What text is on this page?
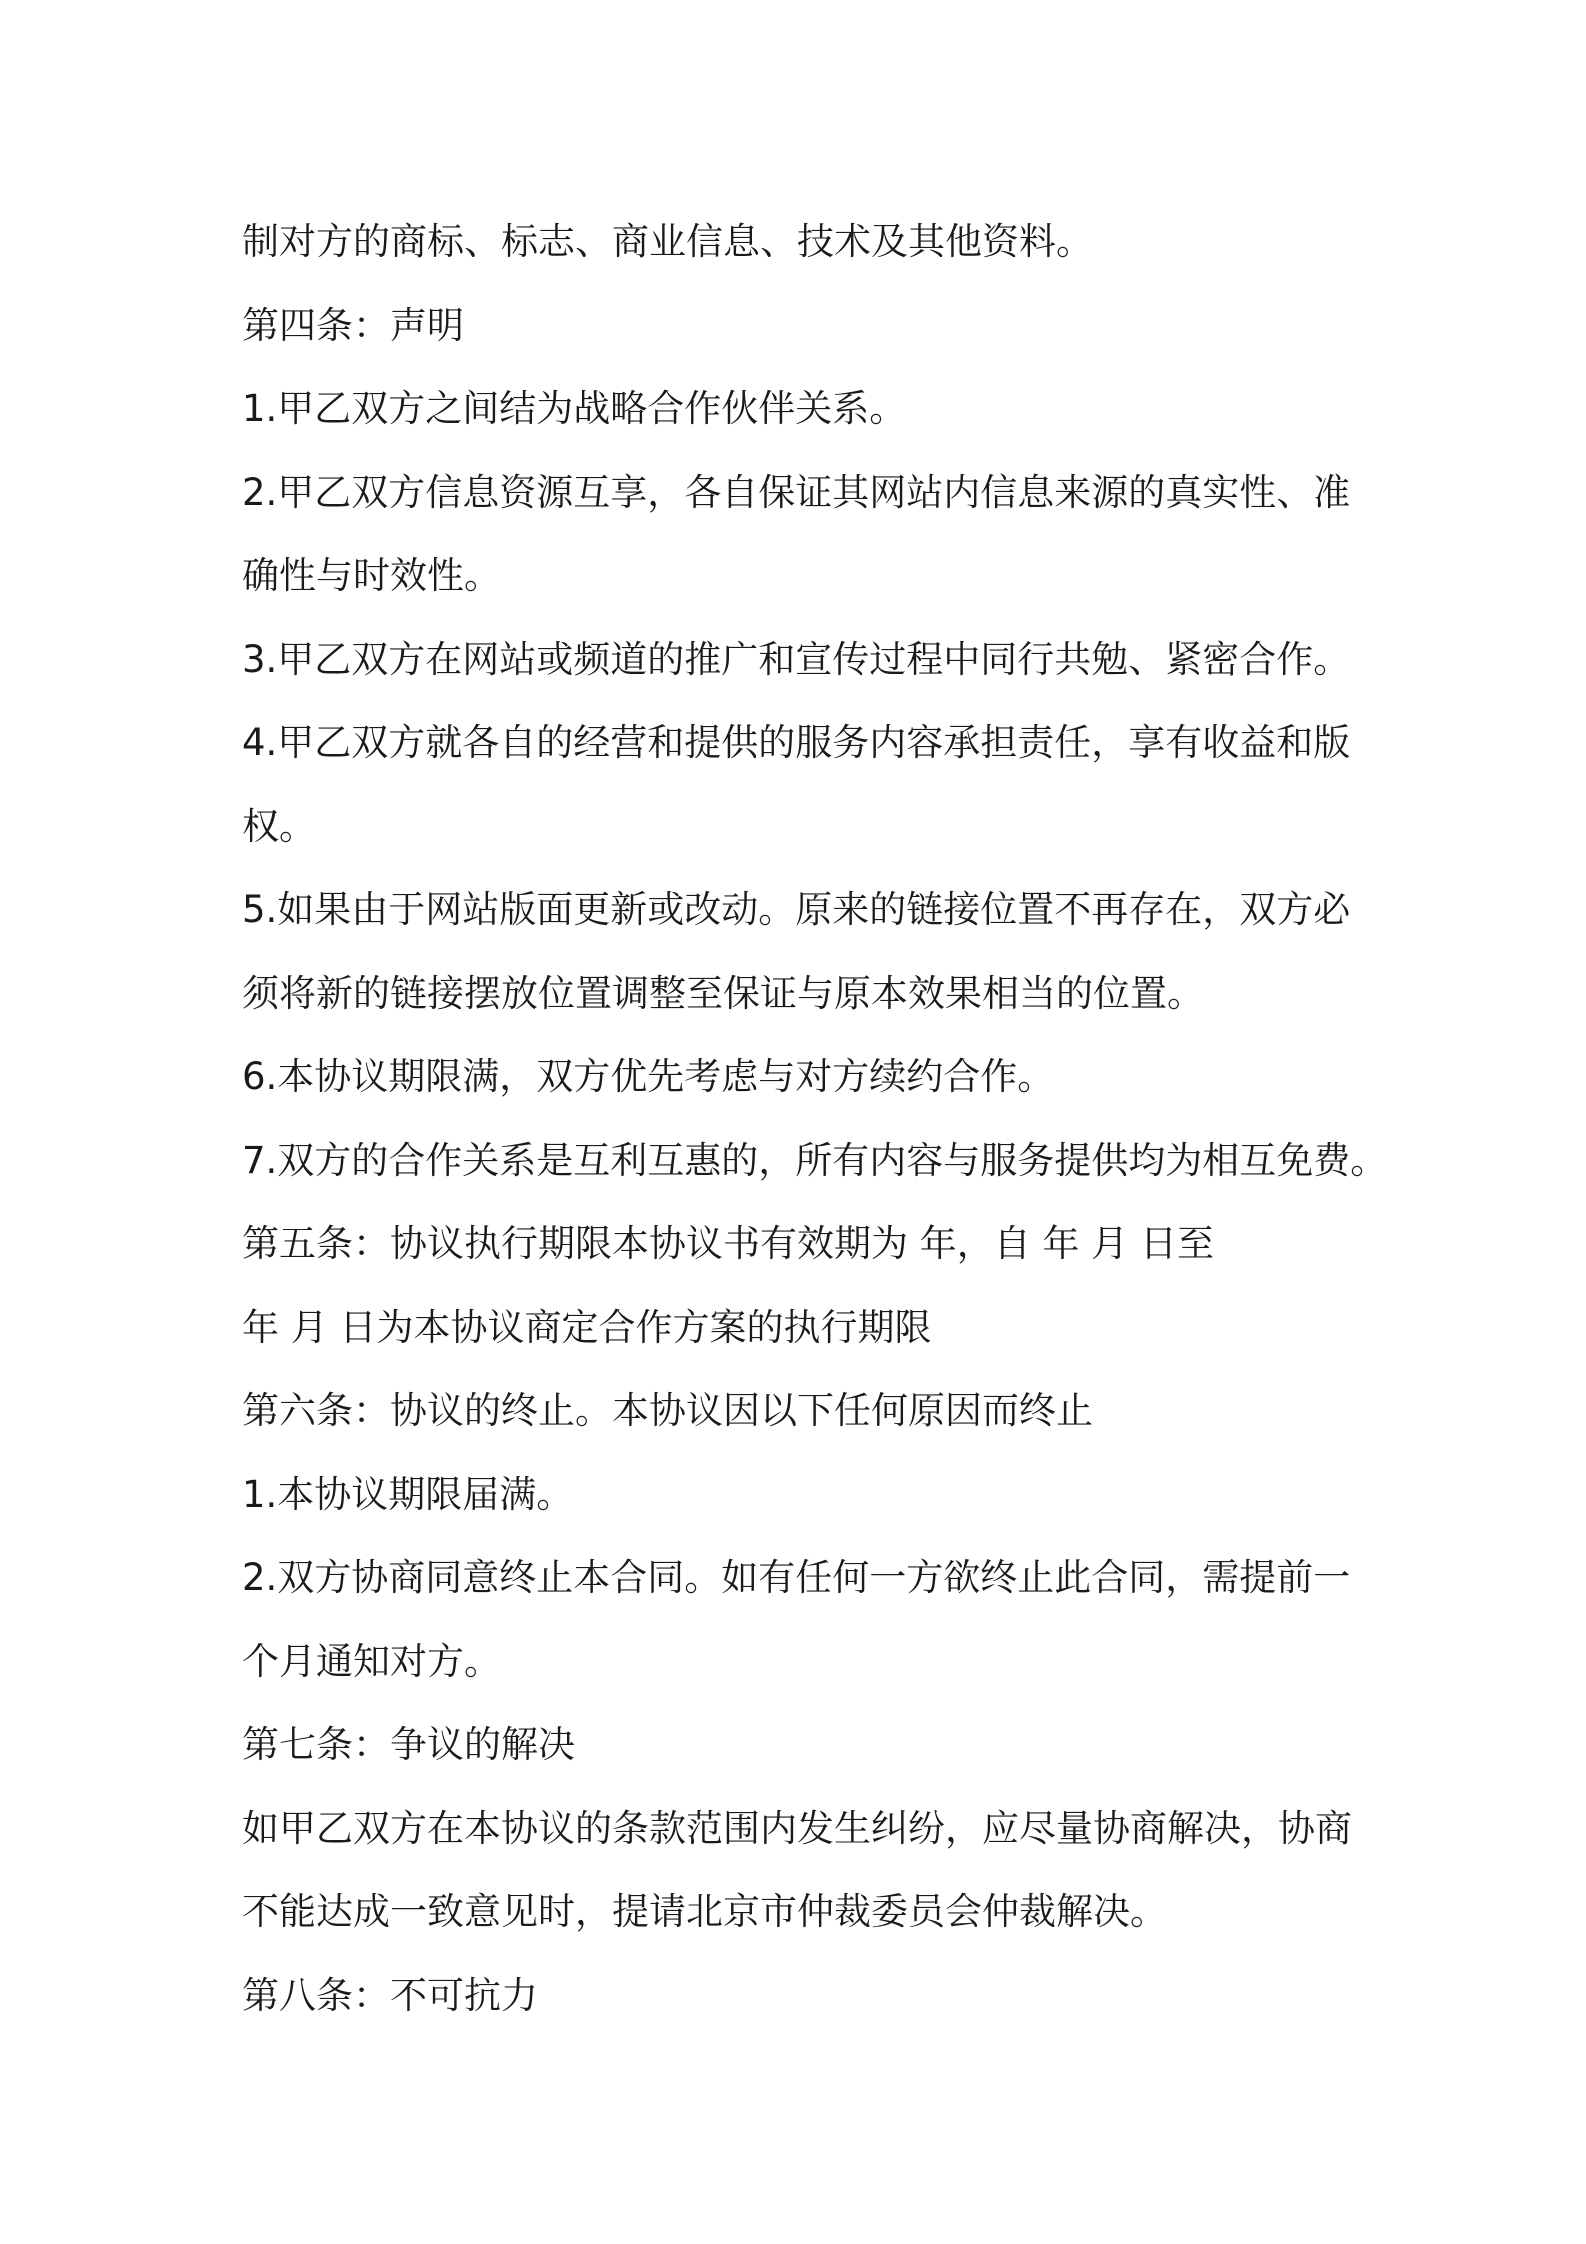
制对方的商标、标志、商业信息、技术及其他资料。

第四条：声明

1.甲乙双方之间结为战略合作伙伴关系。

2.甲乙双方信息资源互享，各自保证其网站内信息来源的真实性、准

确性与时效性。

3.甲乙双方在网站或频道的推广和宣传过程中同行共勉、紧密合作。

4.甲乙双方就各自的经营和提供的服务内容承担责任，享有收益和版

权。

5.如果由于网站版面更新或改动。原来的链接位置不再存在，双方必

须将新的链接摆放位置调整至保证与原本效果相当的位置。

6.本协议期限满，双方优先考虑与对方续约合作。

7.双方的合作关系是互利互惠的，所有内容与服务提供均为相互免费。

第五条：协议执行期限本协议书有效期为 年，自 年 月 日至

年 月 日为本协议商定合作方案的执行期限

第六条：协议的终止。本协议因以下任何原因而终止

1.本协议期限届满。

2.双方协商同意终止本合同。如有任何一方欲终止此合同，需提前一

个月通知对方。

第七条：争议的解决

如甲乙双方在本协议的条款范围内发生纠纷，应尽量协商解决，协商

不能达成一致意见时，提请北京市仲裁委员会仲裁解决。

第八条：不可抗力
